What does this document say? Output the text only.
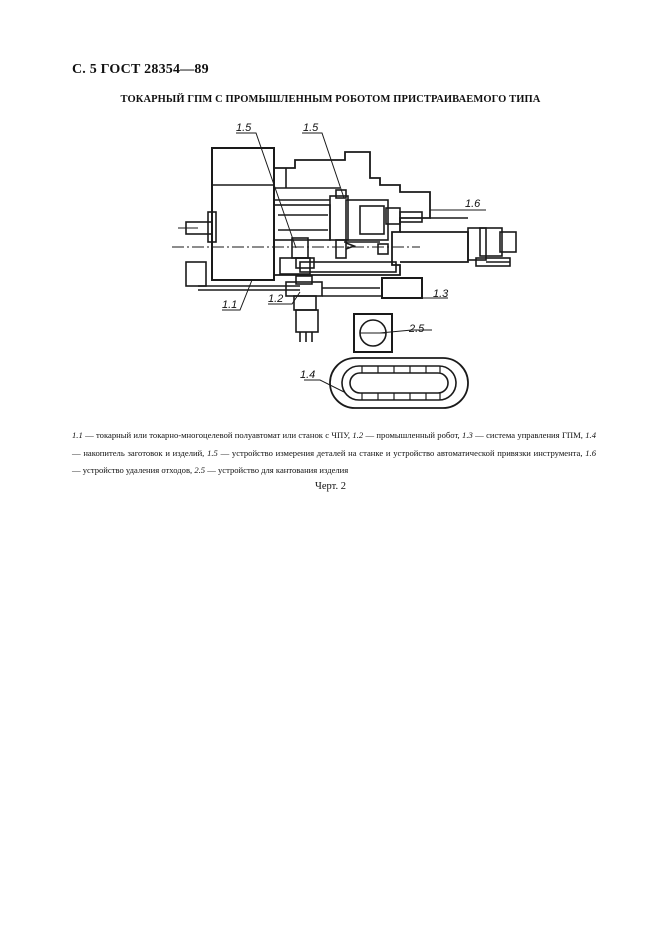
С. 5 ГОСТ 28354—89
ТОКАРНЫЙ ГПМ С ПРОМЫШЛЕННЫМ РОБОТОМ ПРИСТРАИВАЕМОГО ТИПА
1.5	1.5
1.6
1.1	1.2	1.3
2.5
1.4
1.1 — токарный или токарно-многоцелевой полуавтомат или станок с ЧПУ, 1.2 — промышленный робот, 1.3 — система управления ГПМ, 1.4 — накопитель заготовок и изделий, 1.5 — устройство измерения деталей на станке и устройство автоматической привязки инструмента, 1.6 — устройство удаления отходов, 2.5 — устройство для кантования изделия
Черт. 2
